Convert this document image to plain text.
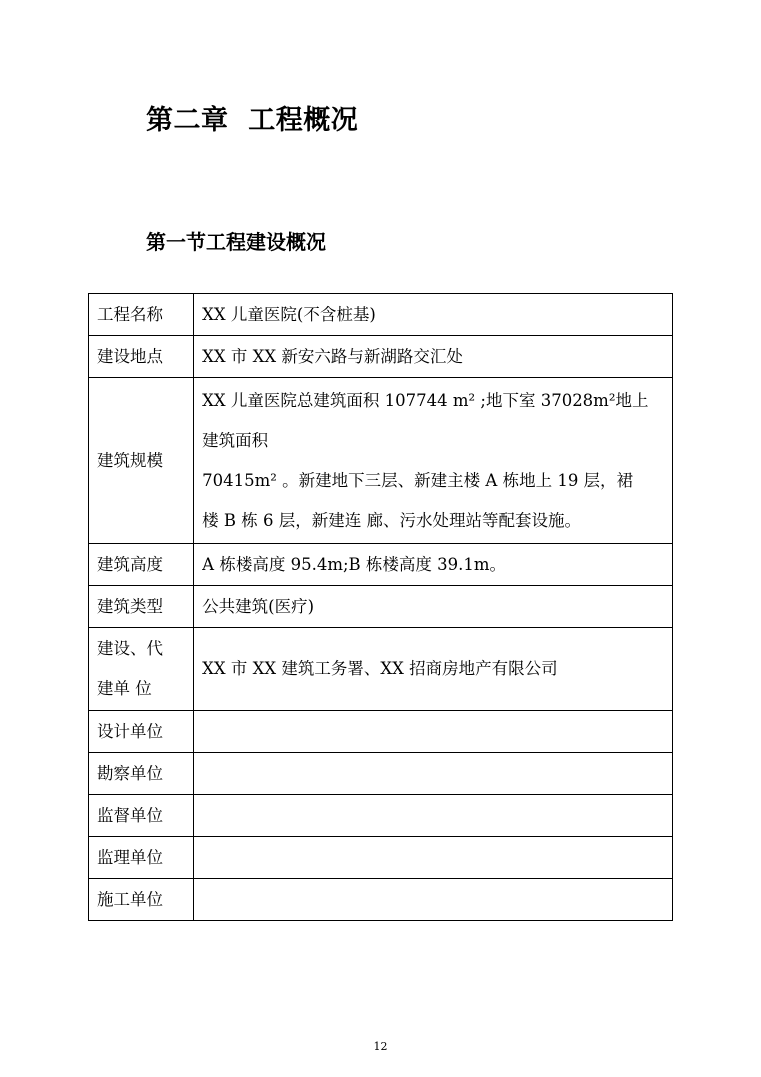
第二章  工程概况
第一节工程建设概况
工程名称	XX 儿童医院(不含桩基)
建设地点	XX 市 XX 新安六路与新湖路交汇处
建筑规模	XX 儿童医院总建筑面积 107744 m² ;地下室 37028m²地上
建筑面积
70415m² 。新建地下三层、新建主楼 A 栋地上 19 层，裙
楼 B 栋 6 层，新建连 廊、污水处理站等配套设施。

建筑高度	A 栋楼高度 95.4m;B 栋楼高度 39.1m。
建筑类型	公共建筑(医疗)

建设、代
建单 位	XX 市 XX 建筑工务署、XX 招商房地产有限公司
设计单位	
勘察单位	
监督单位	
监理单位	
施工单位	
12
